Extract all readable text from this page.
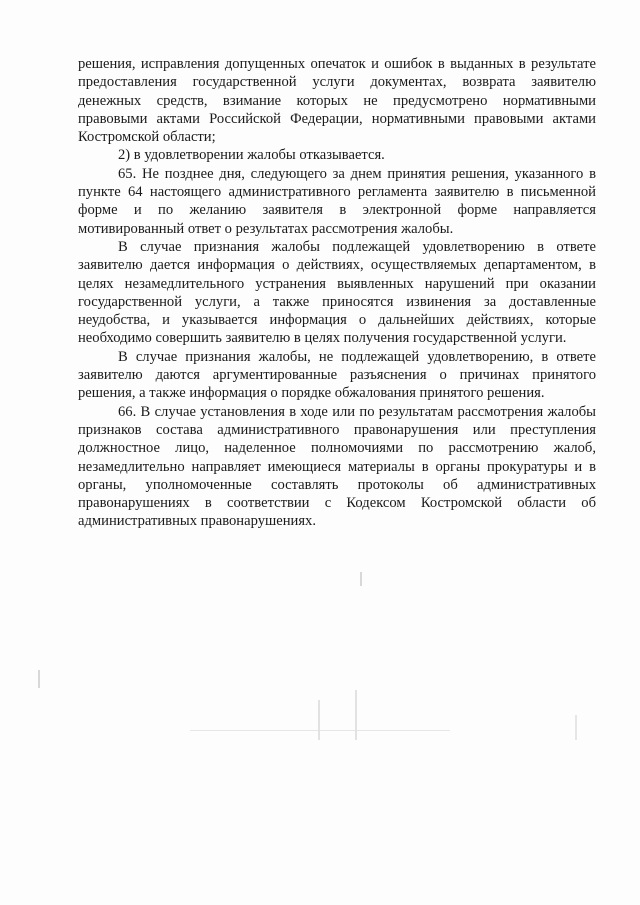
решения, исправления допущенных опечаток и ошибок в выданных в результате предоставления государственной услуги документах, возврата заявителю денежных средств, взимание которых не предусмотрено нормативными правовыми актами Российской Федерации, нормативными правовыми актами Костромской области;

2) в удовлетворении жалобы отказывается.

65. Не позднее дня, следующего за днем принятия решения, указанного в пункте 64 настоящего административного регламента заявителю в письменной форме и по желанию заявителя в электронной форме направляется мотивированный ответ о результатах рассмотрения жалобы.

В случае признания жалобы подлежащей удовлетворению в ответе заявителю дается информация о действиях, осуществляемых департаментом, в целях незамедлительного устранения выявленных нарушений при оказании государственной услуги, а также приносятся извинения за доставленные неудобства, и указывается информация о дальнейших действиях, которые необходимо совершить заявителю в целях получения государственной услуги.

В случае признания жалобы, не подлежащей удовлетворению, в ответе заявителю даются аргументированные разъяснения о причинах принятого решения, а также информация о порядке обжалования принятого решения.

66. В случае установления в ходе или по результатам рассмотрения жалобы признаков состава административного правонарушения или преступления должностное лицо, наделенное полномочиями по рассмотрению жалоб, незамедлительно направляет имеющиеся материалы в органы прокуратуры и в органы, уполномоченные составлять протоколы об административных правонарушениях в соответствии с Кодексом Костромской области об административных правонарушениях.
